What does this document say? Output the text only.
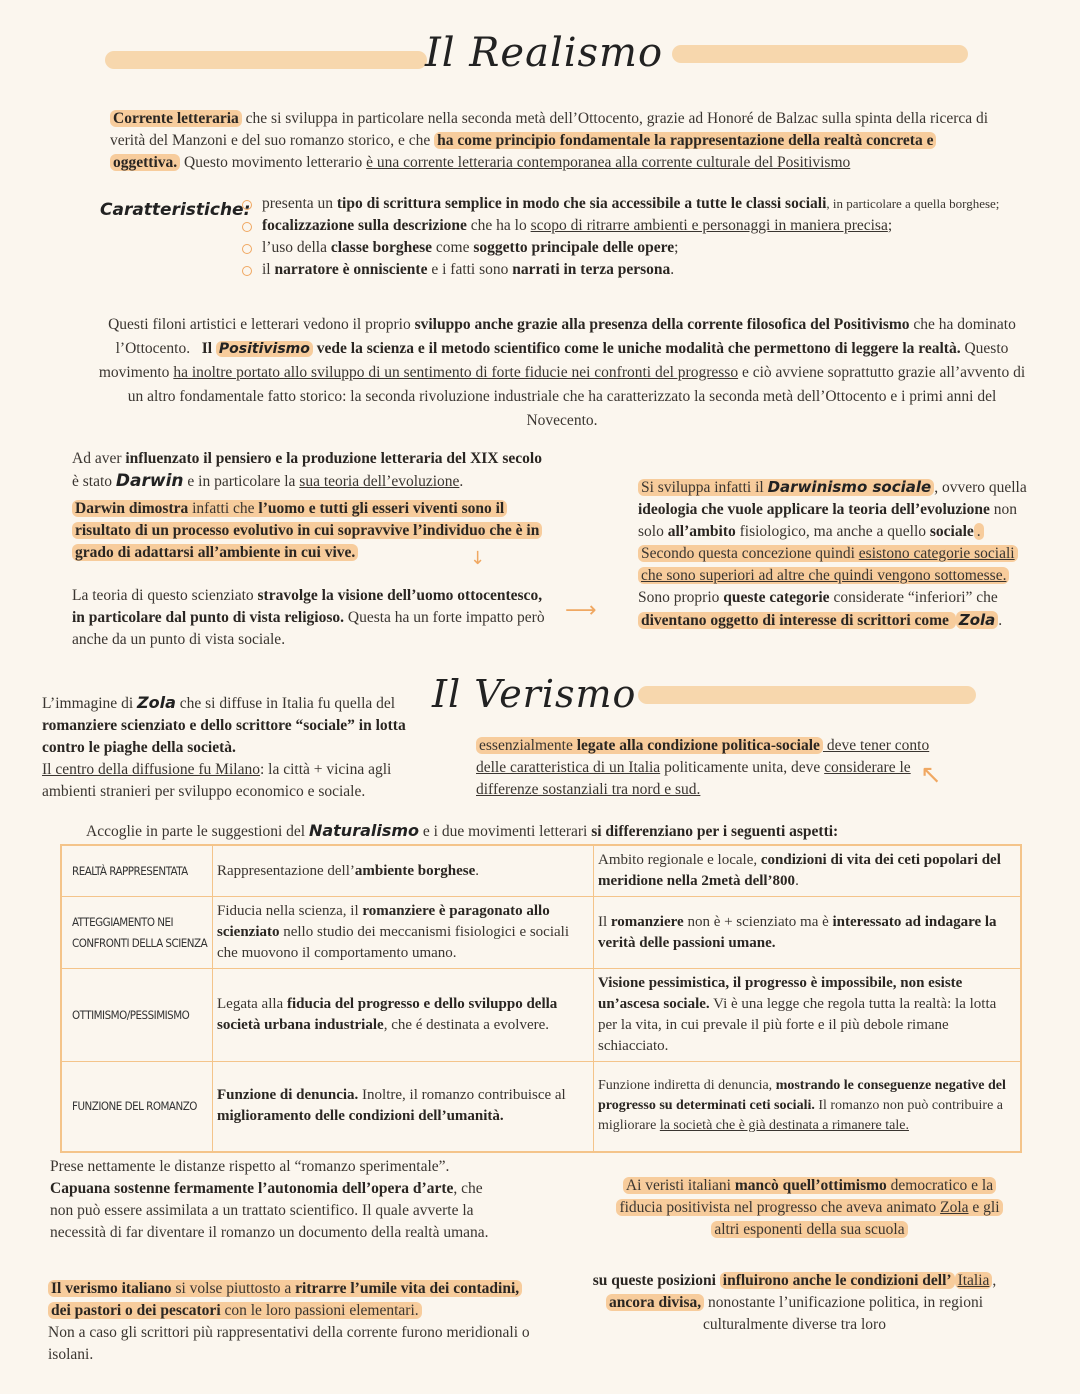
Il Realismo
Corrente letteraria che si sviluppa in particolare nella seconda metà dell’Ottocento, grazie ad Honoré de Balzac sulla spinta della ricerca di verità del Manzoni e del suo romanzo storico, e che ha come principio fondamentale la rappresentazione della realtà concreta e oggettiva. Questo movimento letterario è una corrente letteraria contemporanea alla corrente culturale del Positivismo
Caratteristiche: presenta un tipo di scrittura semplice in modo che sia accessibile a tutte le classi sociali, in particolare a quella borghese;
focalizzazione sulla descrizione che ha lo scopo di ritrarre ambienti e personaggi in maniera precisa;
l’uso della classe borghese come soggetto principale delle opere;
il narratore è onnisciente e i fatti sono narrati in terza persona.
Questi filoni artistici e letterari vedono il proprio sviluppo anche grazie alla presenza della corrente filosofica del Positivismo che ha dominato l’Ottocento. Il Positivismo vede la scienza e il metodo scientifico come le uniche modalità che permettono di leggere la realtà. Questo movimento ha inoltre portato allo sviluppo di un sentimento di forte fiducie nei confronti del progresso e ciò avviene soprattutto grazie all’avvento di un altro fondamentale fatto storico: la seconda rivoluzione industriale che ha caratterizzato la seconda metà dell’Ottocento e i primi anni del Novecento.
Ad aver influenzato il pensiero e la produzione letteraria del XIX secolo è stato Darwin e in particolare la sua teoria dell’evoluzione.
Darwin dimostra infatti che l’uomo e tutti gli esseri viventi sono il risultato di un processo evolutivo in cui sopravvive l’individuo che è in grado di adattarsi all’ambiente in cui vive.	↓
La teoria di questo scienziato stravolge la visione dell’uomo ottocentesco, in particolare dal punto di vista religioso. Questa ha un forte impatto però anche da un punto di vista sociale.
⟶
Si sviluppa infatti il Darwinismo sociale , ovvero quella ideologia che vuole applicare la teoria dell’evoluzione non solo all’ambito fisiologico, ma anche a quello sociale . Secondo questa concezione quindi esistono categorie sociali che sono superiori ad altre che quindi vengono sottomesse. Sono proprio queste categorie considerate “inferiori” che diventano oggetto di interesse di scrittori come Zola .
Il Verismo
L’immagine di Zola che si diffuse in Italia fu quella del romanziere scienziato e dello scrittore “sociale” in lotta contro le piaghe della società.
Il centro della diffusione fu Milano: la città + vicina agli ambienti stranieri per sviluppo economico e sociale.
essenzialmente legate alla condizione politica-sociale deve tener conto delle caratteristica di un Italia politicamente unita, deve considerare le differenze sostanziali tra nord e sud.	↖
Accoglie in parte le suggestioni del Naturalismo e i due movimenti letterari si differenziano per i seguenti aspetti:
REALTÀ RAPPRESENTATA	Rappresentazione dell’ambiente borghese.	Ambito regionale e locale, condizioni di vita dei ceti popolari del meridione nella 2metà dell’800.
ATTEGGIAMENTO NEI CONFRONTI DELLA SCIENZA	Fiducia nella scienza, il romanziere è paragonato allo scienziato nello studio dei meccanismi fisiologici e sociali che muovono il comportamento umano.	Il romanziere non è + scienziato ma è interessato ad indagare la verità delle passioni umane.
OTTIMISMO/PESSIMISMO	Legata alla fiducia del progresso e dello sviluppo della società urbana industriale, che é destinata a evolvere.	Visione pessimistica, il progresso è impossibile, non esiste un’ascesa sociale. Vi è una legge che regola tutta la realtà: la lotta per la vita, in cui prevale il più forte e il più debole rimane schiacciato.
FUNZIONE DEL ROMANZO	Funzione di denuncia. Inoltre, il romanzo contribuisce al miglioramento delle condizioni dell’umanità.	Funzione indiretta di denuncia, mostrando le conseguenze negative del progresso su determinati ceti sociali. Il romanzo non può contribuire a migliorare la società che è già destinata a rimanere tale.
Prese nettamente le distanze rispetto al “romanzo sperimentale”. Capuana sostenne fermamente l’autonomia dell’opera d’arte, che non può essere assimilata a un trattato scientifico. Il quale avverte la necessità di far diventare il romanzo un documento della realtà umana.
Il verismo italiano si volse piuttosto a ritrarre l’umile vita dei contadini, dei pastori o dei pescatori con le loro passioni elementari.
Non a caso gli scrittori più rappresentativi della corrente furono meridionali o isolani.
Ai veristi italiani mancò quell’ottimismo democratico e la fiducia positivista nel progresso che aveva animato Zola e gli altri esponenti della sua scuola
su queste posizioni influirono anche le condizioni dell’ Italia , ancora divisa, nonostante l’unificazione politica, in regioni culturalmente diverse tra loro
